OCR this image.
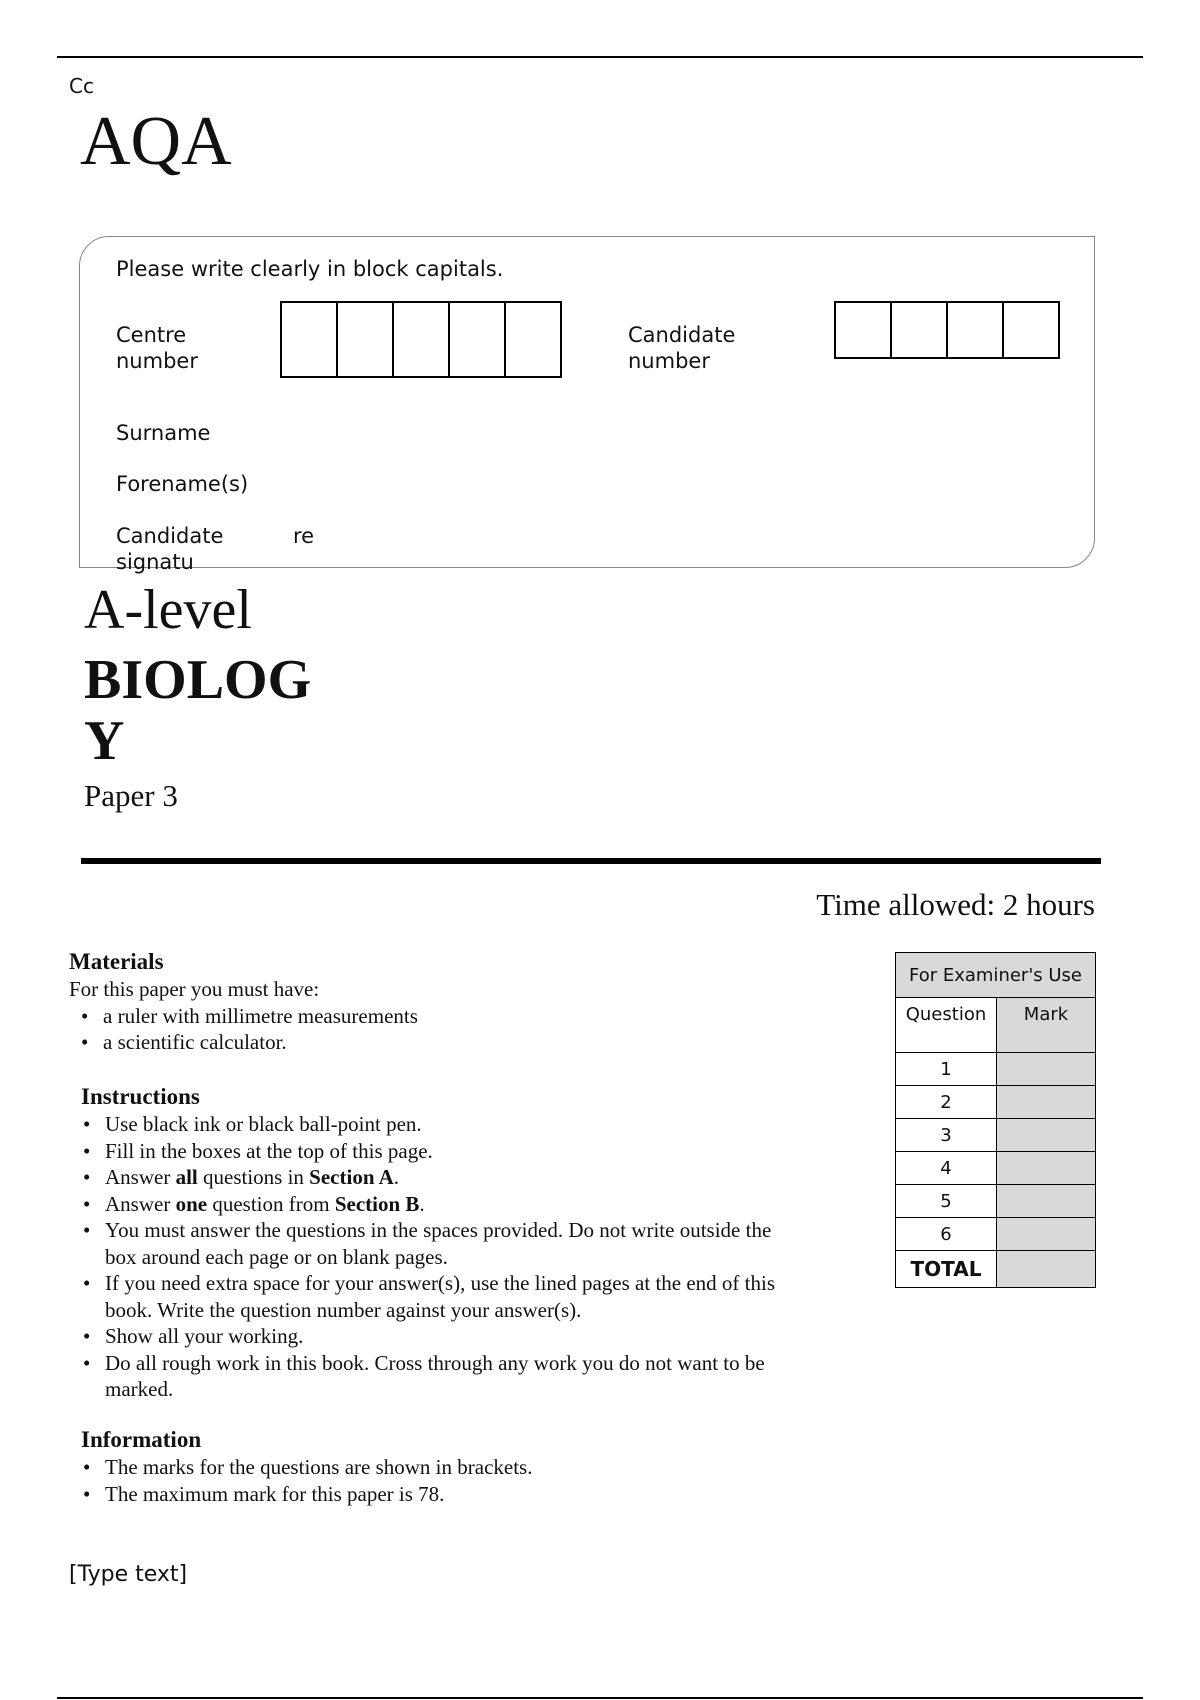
Cc
AQA
Please write clearly in block capitals.
Centre number
Candidate number
Surname
Forename(s)
Candidate signatu
re
A-level
BIOLOGY
Paper 3
Time allowed: 2 hours
Materials
For this paper you must have:
• a ruler with millimetre measurements
• a scientific calculator.
Instructions
• Use black ink or black ball-point pen.
• Fill in the boxes at the top of this page.
• Answer all questions in Section A.
• Answer one question from Section B.
• You must answer the questions in the spaces provided. Do not write outside the box around each page or on blank pages.
• If you need extra space for your answer(s), use the lined pages at the end of this book. Write the question number against your answer(s).
• Show all your working.
• Do all rough work in this book. Cross through any work you do not want to be marked.
Information
• The marks for the questions are shown in brackets.
• The maximum mark for this paper is 78.
For Examiner's Use	
Question	Mark
1	
2	
3	
4	
5	
6	
TOTAL	
[Type text]
